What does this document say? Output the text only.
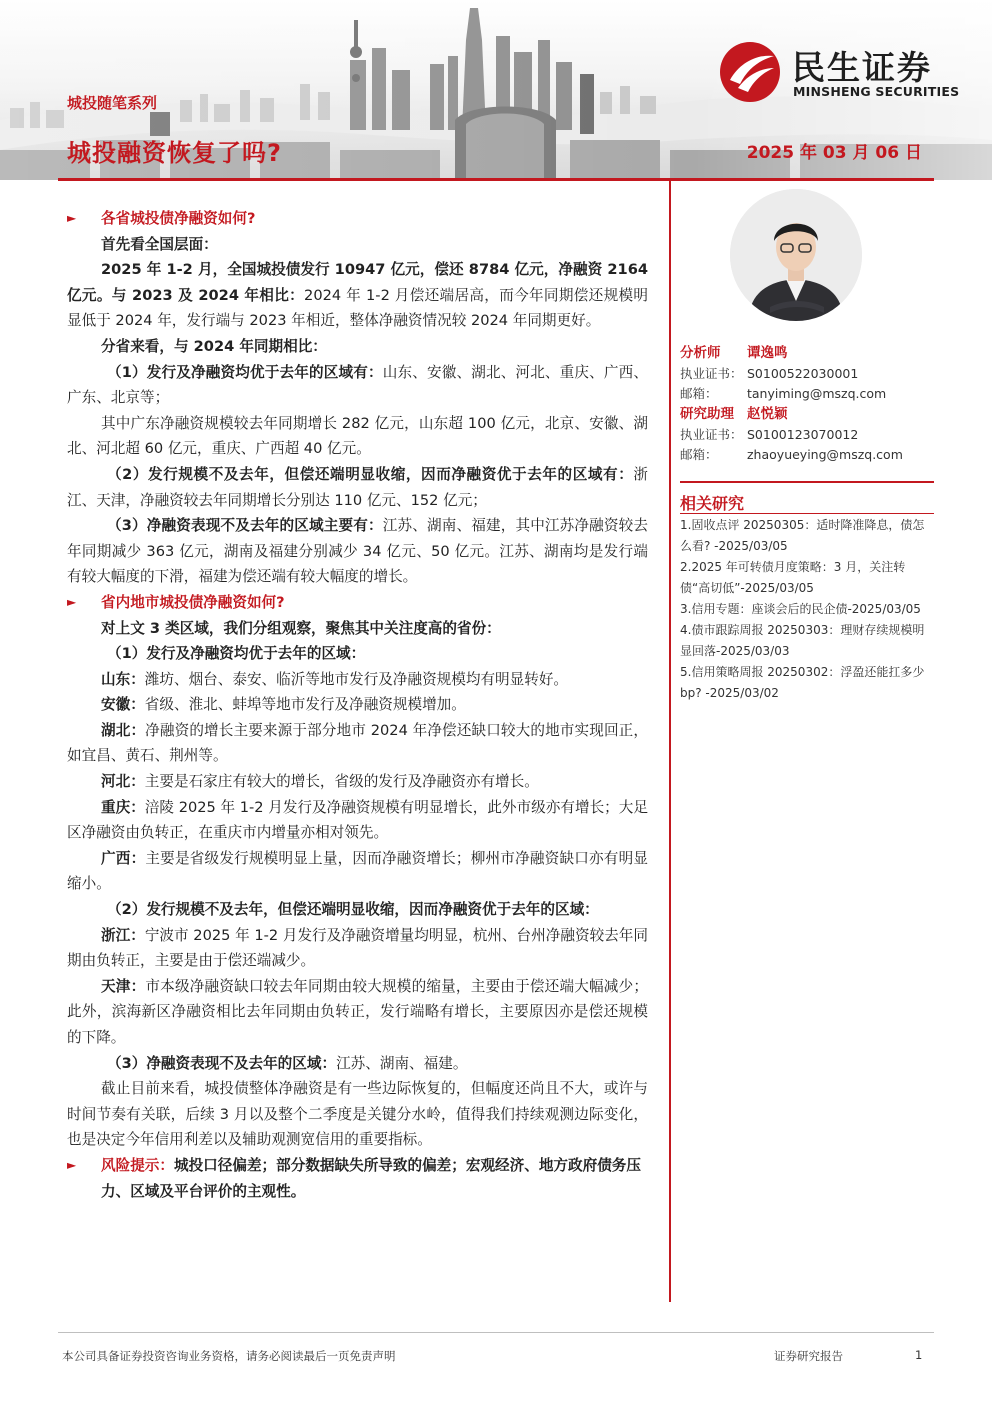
城投随笔系列
城投融资恢复了吗?	2025 年 03 月 06 日
民生证券
MINSHENG SECURITIES
► 各省城投债净融资如何?

首先看全国层面：

2025 年 1-2 月，全国城投债发行 10947 亿元，偿还 8784 亿元，净融资 2164 亿元。与 2023 及 2024 年相比：2024 年 1-2 月偿还端居高，而今年同期偿还规模明显低于 2024 年，发行端与 2023 年相近，整体净融资情况较 2024 年同期更好。

分省来看，与 2024 年同期相比：

（1）发行及净融资均优于去年的区域有：山东、安徽、湖北、河北、重庆、广西、广东、北京等；

其中广东净融资规模较去年同期增长 282 亿元，山东超 100 亿元，北京、安徽、湖北、河北超 60 亿元，重庆、广西超 40 亿元。

（2）发行规模不及去年，但偿还端明显收缩，因而净融资优于去年的区域有：浙江、天津，净融资较去年同期增长分别达 110 亿元、152 亿元；

（3）净融资表现不及去年的区域主要有：江苏、湖南、福建，其中江苏净融资较去年同期减少 363 亿元，湖南及福建分别减少 34 亿元、50 亿元。江苏、湖南均是发行端有较大幅度的下滑，福建为偿还端有较大幅度的增长。

► 省内地市城投债净融资如何?

对上文 3 类区域，我们分组观察，聚焦其中关注度高的省份：

（1）发行及净融资均优于去年的区域：

山东：潍坊、烟台、泰安、临沂等地市发行及净融资规模均有明显转好。

安徽：省级、淮北、蚌埠等地市发行及净融资规模增加。

湖北：净融资的增长主要来源于部分地市 2024 年净偿还缺口较大的地市实现回正，如宜昌、黄石、荆州等。

河北：主要是石家庄有较大的增长，省级的发行及净融资亦有增长。

重庆：涪陵 2025 年 1-2 月发行及净融资规模有明显增长，此外市级亦有增长；大足区净融资由负转正，在重庆市内增量亦相对领先。

广西：主要是省级发行规模明显上量，因而净融资增长；柳州市净融资缺口亦有明显缩小。

（2）发行规模不及去年，但偿还端明显收缩，因而净融资优于去年的区域：

浙江：宁波市 2025 年 1-2 月发行及净融资增量均明显，杭州、台州净融资较去年同期由负转正，主要是由于偿还端减少。

天津：市本级净融资缺口较去年同期由较大规模的缩量，主要由于偿还端大幅减少；此外，滨海新区净融资相比去年同期由负转正，发行端略有增长，主要原因亦是偿还规模的下降。

（3）净融资表现不及去年的区域：江苏、湖南、福建。

截止目前来看，城投债整体净融资是有一些边际恢复的，但幅度还尚且不大，或许与时间节奏有关联，后续 3 月以及整个二季度是关键分水岭，值得我们持续观测边际变化，也是决定今年信用利差以及辅助观测宽信用的重要指标。

► 风险提示：城投口径偏差；部分数据缺失所导致的偏差；宏观经济、地方政府债务压力、区域及平台评价的主观性。
分析师 谭逸鸣
执业证书： S0100522030001
邮箱： tanyiming@mszq.com
研究助理 赵悦颖
执业证书： S0100123070012
邮箱： zhaoyueying@mszq.com
相关研究
1.固收点评 20250305：适时降准降息，债怎么看? -2025/03/05
2.2025 年可转债月度策略：3 月，关注转债“高切低”-2025/03/05
3.信用专题：座谈会后的民企债-2025/03/05
4.债市跟踪周报 20250303：理财存续规模明显回落-2025/03/03
5.信用策略周报 20250302：浮盈还能扛多少 bp? -2025/03/02
本公司具备证券投资咨询业务资格，请务必阅读最后一页免责声明	证券研究报告	1
